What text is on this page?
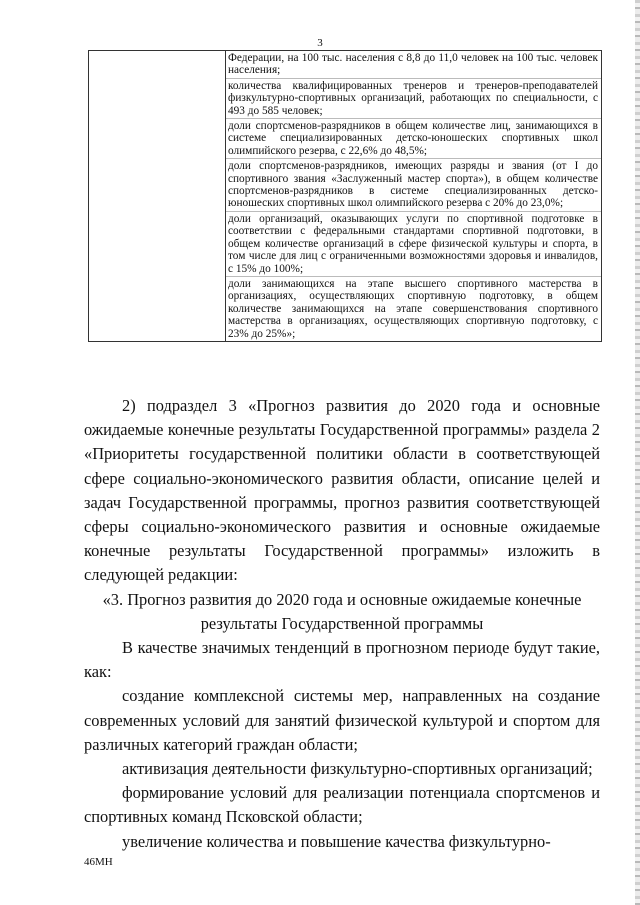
3

Федерации, на 100 тыс. населения с 8,8 до 11,0 человек на 100 тыс. человек населения;
количества квалифицированных тренеров и тренеров-преподавателей физкультурно-спортивных организаций, работающих по специальности, с 493 до 585 человек;
доли спортсменов-разрядников в общем количестве лиц, занимающихся в системе специализированных детско-юношеских спортивных школ олимпийского резерва, с 22,6% до 48,5%;
доли спортсменов-разрядников, имеющих разряды и звания (от I до спортивного звания «Заслуженный мастер спорта»), в общем количестве спортсменов-разрядников в системе специализированных детско-юношеских спортивных школ олимпийского резерва с 20% до 23,0%;
доли организаций, оказывающих услуги по спортивной подготовке в соответствии с федеральными стандартами спортивной подготовки, в общем количестве организаций в сфере физической культуры и спорта, в том числе для лиц с ограниченными возможностями здоровья и инвалидов, с 15% до 100%;
доли занимающихся на этапе высшего спортивного мастерства в организациях, осуществляющих спортивную подготовку, в общем количестве занимающихся на этапе совершенствования спортивного мастерства в организациях, осуществляющих спортивную подготовку, с 23% до 25%»;

2) подраздел 3 «Прогноз развития до 2020 года и основные ожидаемые конечные результаты Государственной программы» раздела 2 «Приоритеты государственной политики области в соответствующей сфере социально-экономического развития области, описание целей и задач Государственной программы, прогноз развития соответствующей сферы социально-экономического развития и основные ожидаемые конечные результаты Государственной программы» изложить в следующей редакции:

«3. Прогноз развития до 2020 года и основные ожидаемые конечные

результаты Государственной программы

В качестве значимых тенденций в прогнозном периоде будут такие, как:

создание комплексной системы мер, направленных на создание современных условий для занятий физической культурой и спортом для различных категорий граждан области;

активизация деятельности физкультурно-спортивных организаций;

формирование условий для реализации потенциала спортсменов и спортивных команд Псковской области;

увеличение количества и повышение качества физкультурно-

46МН
